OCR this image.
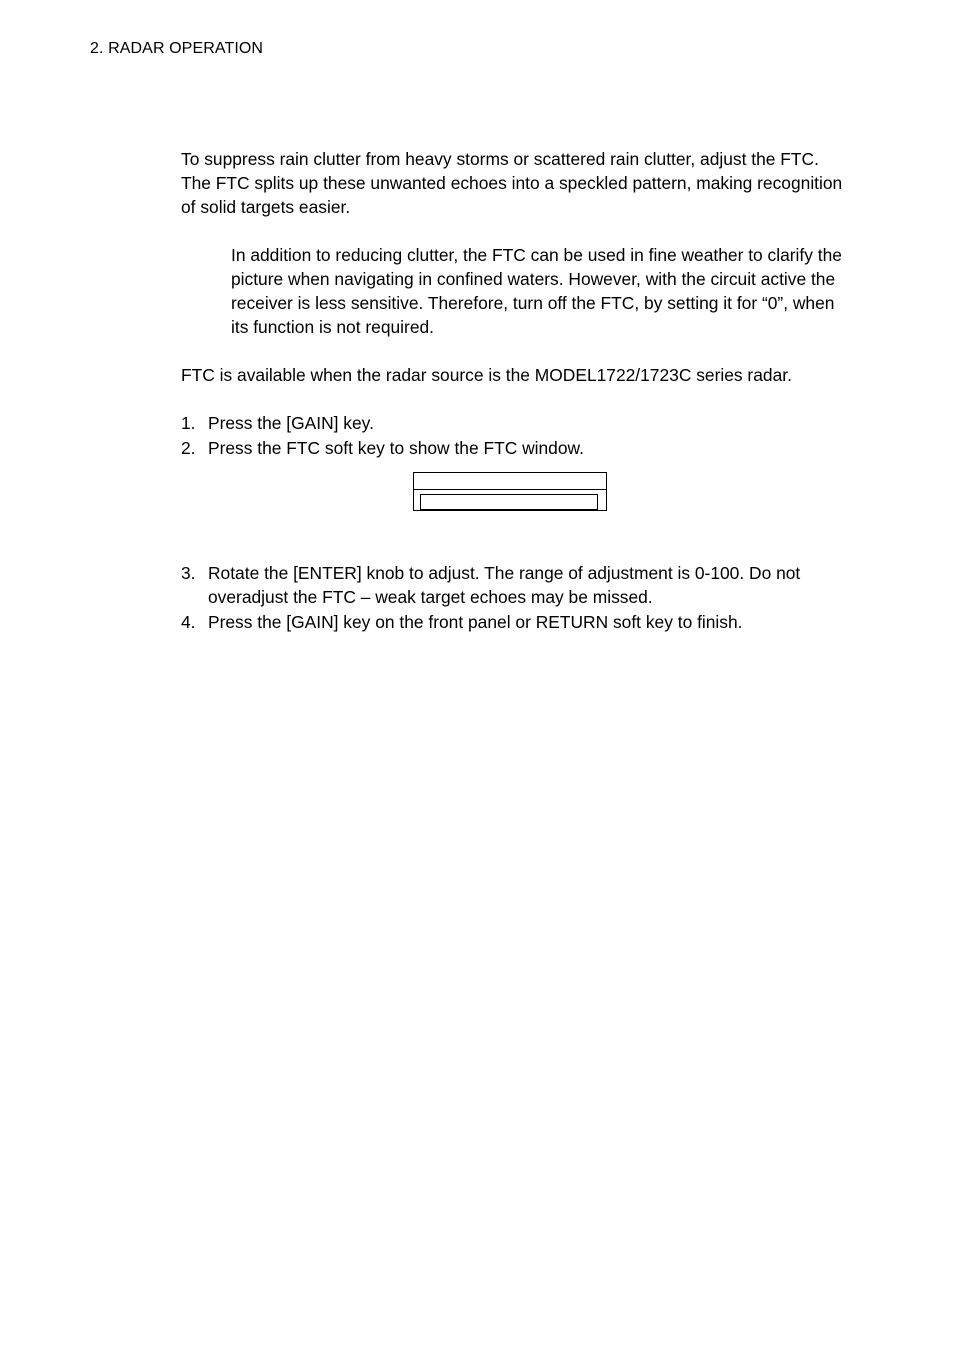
2. RADAR OPERATION

To suppress rain clutter from heavy storms or scattered rain clutter, adjust the FTC. The FTC splits up these unwanted echoes into a speckled pattern, making recognition of solid targets easier.

In addition to reducing clutter, the FTC can be used in fine weather to clarify the picture when navigating in confined waters. However, with the circuit active the receiver is less sensitive. Therefore, turn off the FTC, by setting it for “0”, when its function is not required.

FTC is available when the radar source is the MODEL1722/1723C series radar.

1. Press the [GAIN] key.
2. Press the FTC soft key to show the FTC window.
3. Rotate the [ENTER] knob to adjust. The range of adjustment is 0-100. Do not overadjust the FTC – weak target echoes may be missed.
4. Press the [GAIN] key on the front panel or RETURN soft key to finish.
